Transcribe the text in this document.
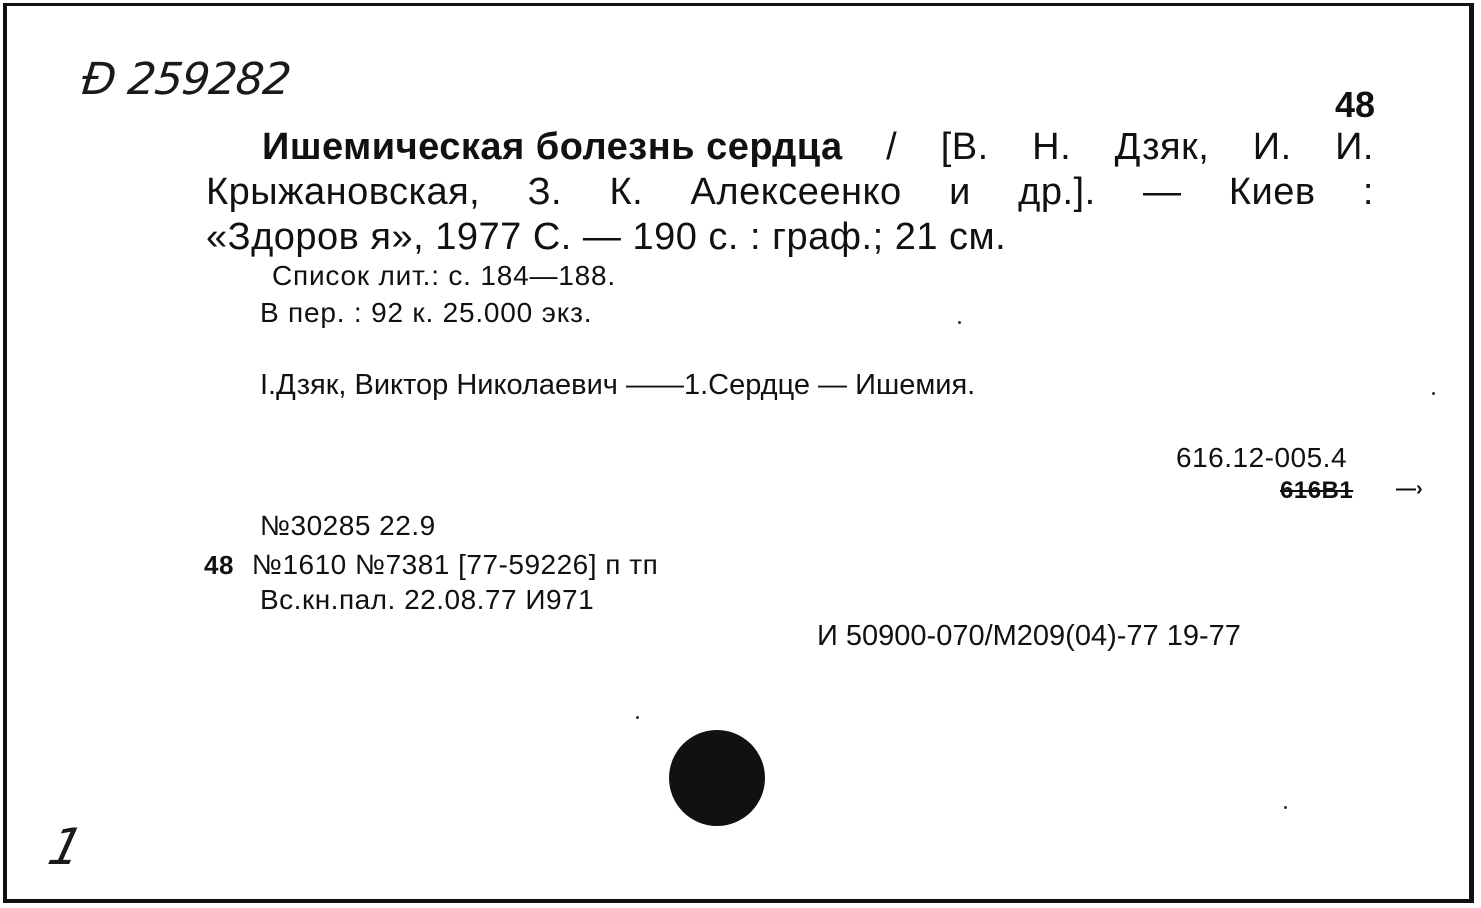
Ɖ 259282	48
Ишемическая болезнь сердца / [В. Н. Дзяк, И. И.
Крыжановская, З. К. Алексеенко и др.]. — Киев :
«Здоров я», 1977 С. — 190 с. : граф.; 21 см.
Список лит.: с. 184—188.
В пер. : 92 к. 25.000 экз.
I.Дзяк, Виктор Николаевич ——1.Сердце — Ишемия.
616.12-005.4
616В1 —›
№30285 22.9
48 №1610 №7381 [77-59226] п тп
Вс.кн.пал. 22.08.77 И971
И 50900-070/М209(04)-77 19-77
1
